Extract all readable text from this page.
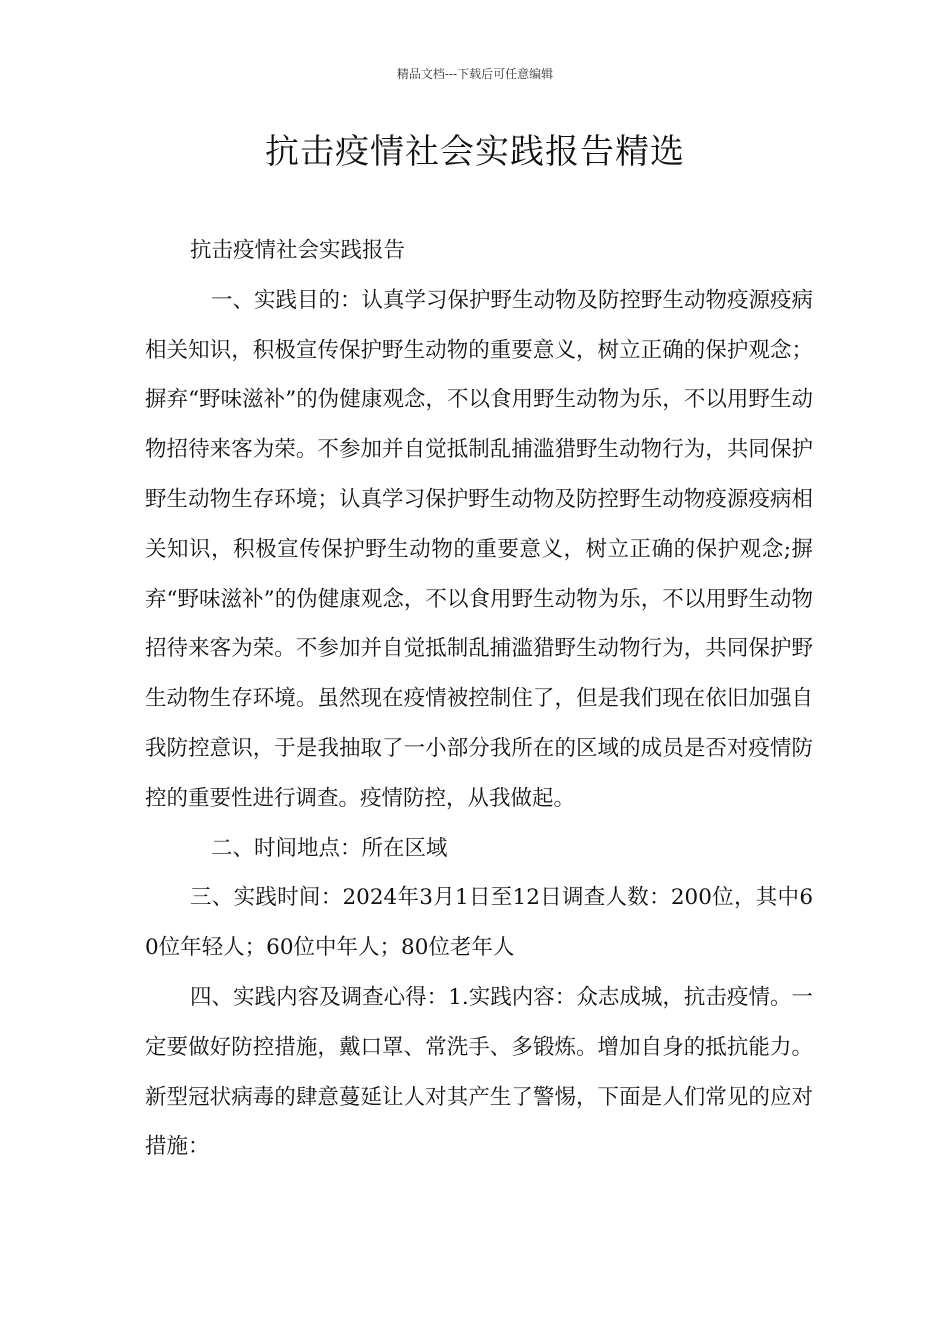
精品文档---下载后可任意编辑
抗击疫情社会实践报告精选

抗击疫情社会实践报告

一、实践目的：认真学习保护野生动物及防控野生动物疫源疫病相关知识，积极宣传保护野生动物的重要意义，树立正确的保护观念；摒弃“野味滋补”的伪健康观念，不以食用野生动物为乐，不以用野生动物招待来客为荣。不参加并自觉抵制乱捕滥猎野生动物行为，共同保护野生动物生存环境；认真学习保护野生动物及防控野生动物疫源疫病相关知识，积极宣传保护野生动物的重要意义，树立正确的保护观念;摒弃“野味滋补”的伪健康观念，不以食用野生动物为乐，不以用野生动物招待来客为荣。不参加并自觉抵制乱捕滥猎野生动物行为，共同保护野生动物生存环境。虽然现在疫情被控制住了，但是我们现在依旧加强自我防控意识，于是我抽取了一小部分我所在的区域的成员是否对疫情防控的重要性进行调查。疫情防控，从我做起。

二、时间地点：所在区域

三、实践时间：2024年3月1日至12日调查人数：200位，其中60位年轻人；60位中年人；80位老年人

四、实践内容及调查心得：1.实践内容：众志成城，抗击疫情。一定要做好防控措施，戴口罩、常洗手、多锻炼。增加自身的抵抗能力。新型冠状病毒的肆意蔓延让人对其产生了警惕，下面是人们常见的应对措施：
